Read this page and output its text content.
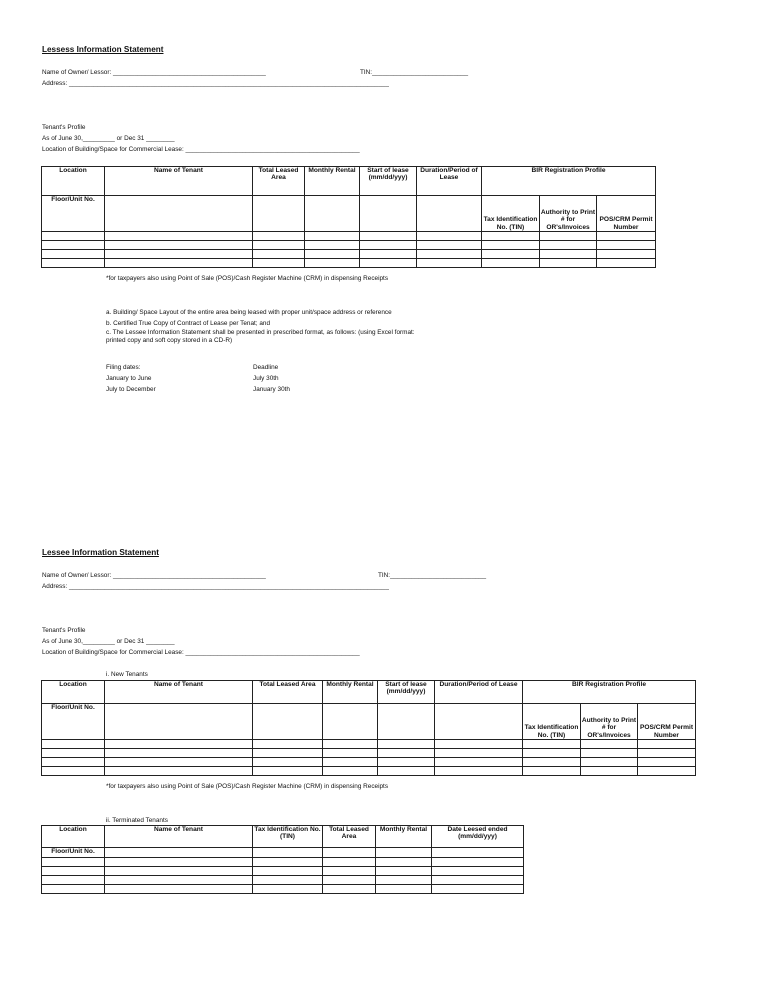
Lessess Information Statement
Name of Owner/ Lessor: ___________________________________________	TIN:___________________________
Address: __________________________________________________________________________________________
Tenant's Profile
As of June 30,_________ or Dec 31 ________
Location of Building/Space for Commercial Lease: _________________________________________________
Location	Name of Tenant	Total Leased Area	Monthly Rental	Start of lease (mm/dd/yyy)	Duration/Period of Lease	BIR Registration Profile		
Floor/Unit No.						Tax Identification No. (TIN)	Authority to Print # for OR's/Invoices	POS/CRM Permit Number

*for taxpayers also using Point of Sale (POS)/Cash Register Machine (CRM) in dispensing Receipts
a. Building/ Space Layout of the entire area being leased with proper unit/space address or reference
b. Certified True Copy of Contract of Lease per Tenat; and
c. The Lessee Information Statement shall be presented in prescribed format, as follows: (using Excel format:
printed copy and soft copy stored in a CD-R)
Filing dates:	Deadline
January to June	July 30th
July to December	January 30th
Lessee Information Statement
Name of Owner/ Lessor: ___________________________________________	TIN:___________________________
Address: __________________________________________________________________________________________
Tenant's Profile
As of June 30,_________ or Dec 31 ________
Location of Building/Space for Commercial Lease: _________________________________________________
i. New Tenants
Location	Name of Tenant	Total Leased Area	Monthly Rental	Start of lease (mm/dd/yyy)	Duration/Period of Lease	BIR Registration Profile		
Floor/Unit No.						Tax Identification No. (TIN)	Authority to Print # for OR's/Invoices	POS/CRM Permit Number

*for taxpayers also using Point of Sale (POS)/Cash Register Machine (CRM) in dispensing Receipts
ii. Terminated Tenants
Location	Name of Tenant	Tax Identification No. (TIN)	Total Leased Area	Monthly Rental	Date Leesed ended (mm/dd/yyy)
Floor/Unit No.					
